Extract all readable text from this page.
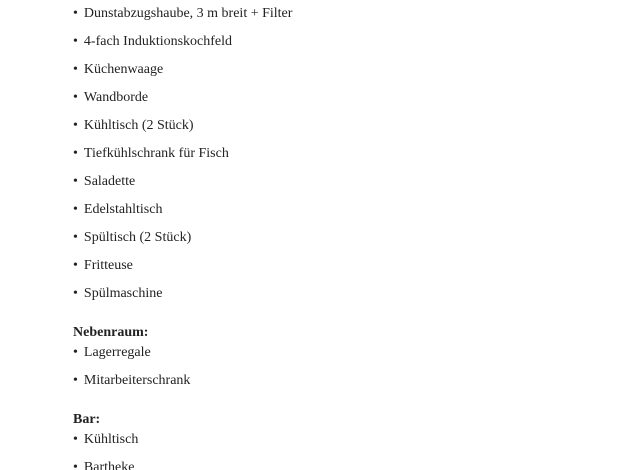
• Dunstabzugshaube, 3 m breit + Filter

• 4-fach Induktionskochfeld

• Küchenwaage

• Wandborde

• Kühltisch (2 Stück)

• Tiefkühlschrank für Fisch

• Saladette

• Edelstahltisch

• Spültisch (2 Stück)

• Fritteuse

• Spülmaschine

Nebenraum:

• Lagerregale

• Mitarbeiterschrank

Bar:

• Kühltisch

• Bartheke
